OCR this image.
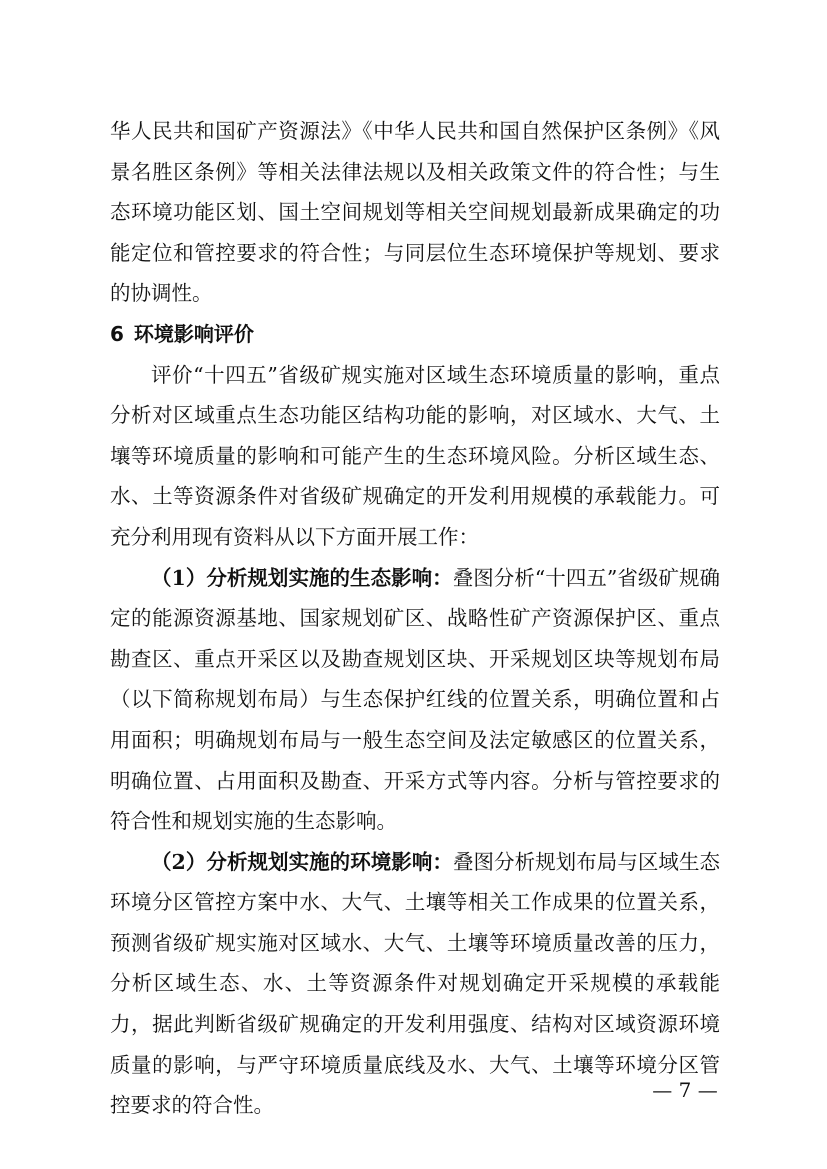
华人民共和国矿产资源法》《中华人民共和国自然保护区条例》《风景名胜区条例》等相关法律法规以及相关政策文件的符合性；与生态环境功能区划、国土空间规划等相关空间规划最新成果确定的功能定位和管控要求的符合性；与同层位生态环境保护等规划、要求的协调性。

6 环境影响评价

评价“十四五”省级矿规实施对区域生态环境质量的影响，重点分析对区域重点生态功能区结构功能的影响，对区域水、大气、土壤等环境质量的影响和可能产生的生态环境风险。分析区域生态、水、土等资源条件对省级矿规确定的开发利用规模的承载能力。可充分利用现有资料从以下方面开展工作：

（1）分析规划实施的生态影响：叠图分析“十四五”省级矿规确定的能源资源基地、国家规划矿区、战略性矿产资源保护区、重点勘查区、重点开采区以及勘查规划区块、开采规划区块等规划布局（以下简称规划布局）与生态保护红线的位置关系，明确位置和占用面积；明确规划布局与一般生态空间及法定敏感区的位置关系，明确位置、占用面积及勘查、开采方式等内容。分析与管控要求的符合性和规划实施的生态影响。

（2）分析规划实施的环境影响：叠图分析规划布局与区域生态环境分区管控方案中水、大气、土壤等相关工作成果的位置关系，预测省级矿规实施对区域水、大气、土壤等环境质量改善的压力，分析区域生态、水、土等资源条件对规划确定开采规模的承载能力，据此判断省级矿规确定的开发利用强度、结构对区域资源环境质量的影响，与严守环境质量底线及水、大气、土壤等环境分区管控要求的符合性。

— 7 —
